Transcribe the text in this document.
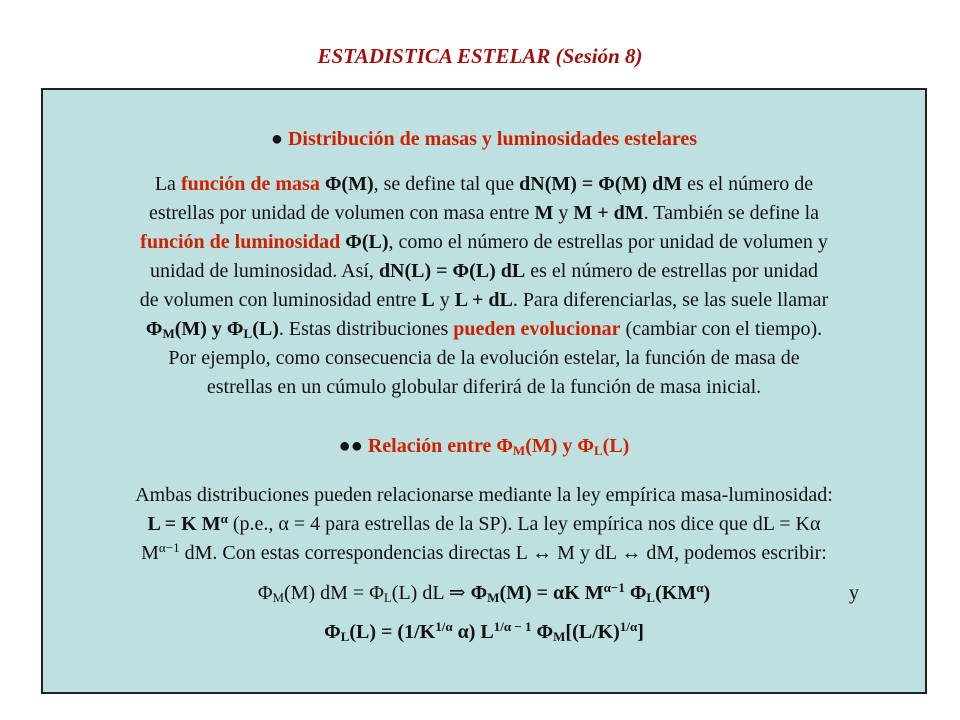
ESTADISTICA ESTELAR (Sesión 8)
● Distribución de masas y luminosidades estelares
La función de masa Φ(M), se define tal que dN(M) = Φ(M) dM es el número de
estrellas por unidad de volumen con masa entre M y M + dM. También se define la
función de luminosidad Φ(L), como el número de estrellas por unidad de volumen y
unidad de luminosidad. Así, dN(L) = Φ(L) dL es el número de estrellas por unidad
de volumen con luminosidad entre L y L + dL. Para diferenciarlas, se las suele llamar
$\Phi_M(M)$ y $\Phi_L(L)$. Estas distribuciones pueden evolucionar (cambiar con el tiempo).
Por ejemplo, como consecuencia de la evolución estelar, la función de masa de
estrellas en un cúmulo globular diferirá de la función de masa inicial.
●● Relación entre $\Phi_M(M)$ y $\Phi_L(L)$
Ambas distribuciones pueden relacionarse mediante la ley empírica masa-luminosidad:
L = K $M^\alpha$ (p.e., α = 4 para estrellas de la SP). La ley empírica nos dice que dL = Kα
$M^{\alpha-1}$ dM. Con estas correspondencias directas L ↔ M y dL ↔ dM, podemos escribir:
$\Phi_M(M)$ dM = $\Phi_L(L)$ dL ⇒ $\Phi_M(M) = \alpha K$ $M^{\alpha-1}$ $\Phi_L(KM^\alpha)$	y
$\Phi_L(L) = (1/K^{1/\alpha}$ α) $L^{1/\alpha - 1}$ $\Phi_M[(L/K)^{1/\alpha}]$
